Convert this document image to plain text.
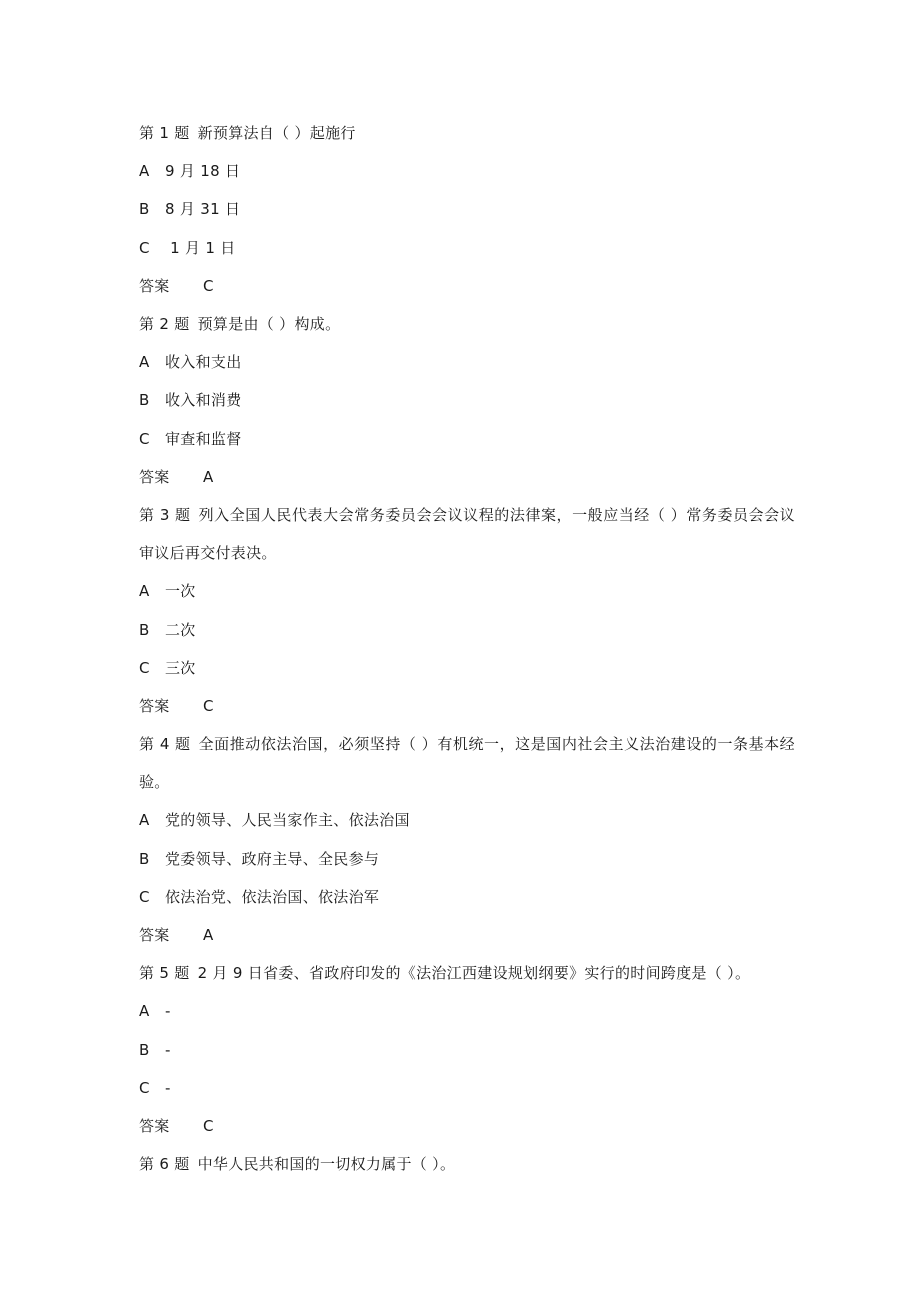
第 1 题 新预算法自（ ）起施行
A 9 月 18 日
B 8 月 31 日
C 1 月 1 日
答案 C
第 2 题 预算是由（ ）构成。
A 收入和支出
B 收入和消费
C 审查和监督
答案 A
第 3 题 列入全国人民代表大会常务委员会会议议程的法律案，一般应当经（ ）常务委员会会议审议后再交付表决。
A 一次
B 二次
C 三次
答案 C
第 4 题 全面推动依法治国，必须坚持（ ）有机统一，这是国内社会主义法治建设的一条基本经验。
A 党的领导、人民当家作主、依法治国
B 党委领导、政府主导、全民参与
C 依法治党、依法治国、依法治军
答案 A
第 5 题 2 月 9 日省委、省政府印发的《法治江西建设规划纲要》实行的时间跨度是（ ）。
A -
B -
C -
答案 C
第 6 题 中华人民共和国的一切权力属于（ ）。
